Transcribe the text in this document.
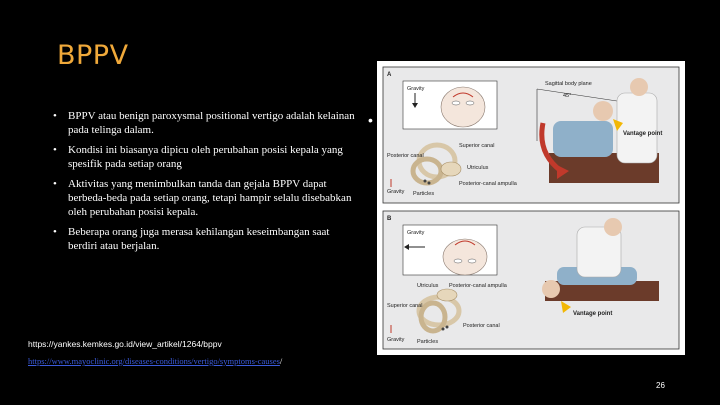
BPPV
• BPPV atau benign paroxysmal positional vertigo adalah kelainan pada telinga dalam.
• Kondisi ini biasanya dipicu oleh perubahan posisi kepala yang spesifik pada setiap orang
• Aktivitas yang menimbulkan tanda dan gejala BPPV dapat berbeda-beda pada setiap orang, tetapi hampir selalu disebabkan oleh perubahan posisi kepala.
• Beberapa orang juga merasa kehilangan keseimbangan saat berdiri atau berjalan.
•
A
Gravity
Superior canal
Utriculus
Posterior canal
Posterior-canal ampulla
Particles
Gravity
Sagittal body plane
45°
Vantage point
B
Gravity
Utriculus Posterior-canal ampulla
Superior canal
Posterior canal
Particles
Gravity
Vantage point
https://yankes.kemkes.go.id/view_artikel/1264/bppv
https://www.mayoclinic.org/diseases-conditions/vertigo/symptoms-causes/
26
